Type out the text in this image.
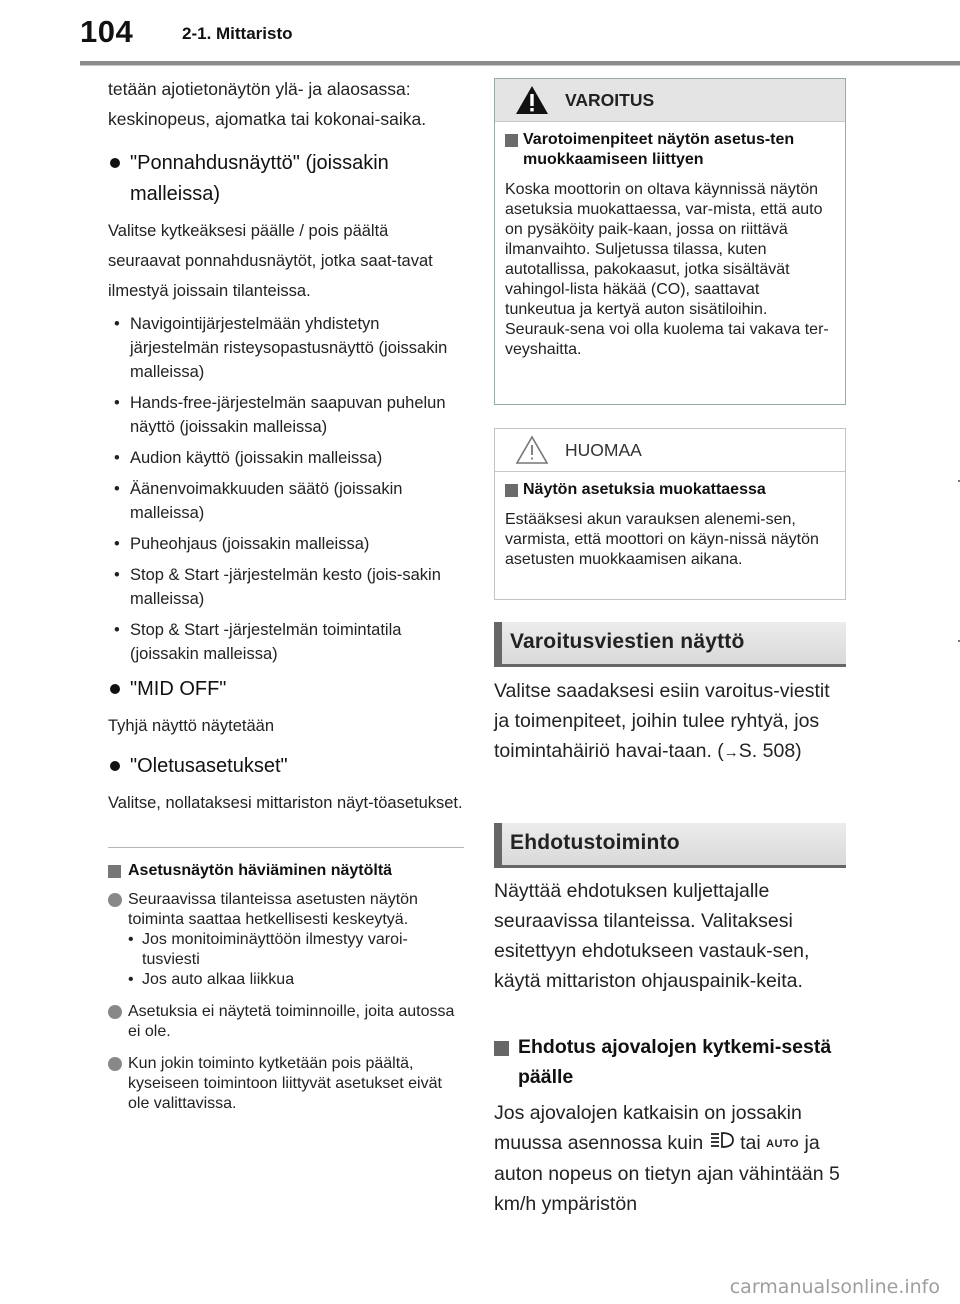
104	2-1. Mittaristo

tetään ajotietonäytön ylä- ja alaosassa: keskinopeus, ajomatka tai kokonai-saika.

"Ponnahdusnäyttö" (joissakin malleissa)

Valitse kytkeäksesi päälle / pois päältä seuraavat ponnahdusnäytöt, jotka saat-tavat ilmestyä joissain tilanteissa.

• Navigointijärjestelmään yhdistetyn järjestelmän risteysopastusnäyttö (joissakin malleissa)
• Hands-free-järjestelmän saapuvan puhelun näyttö (joissakin malleissa)
• Audion käyttö (joissakin malleissa)
• Äänenvoimakkuuden säätö (joissakin malleissa)
• Puheohjaus (joissakin malleissa)
• Stop & Start -järjestelmän kesto (jois-sakin malleissa)
• Stop & Start -järjestelmän toimintatila (joissakin malleissa)
"MID OFF"

Tyhjä näyttö näytetään

"Oletusasetukset"

Valitse, nollataksesi mittariston näyt-töasetukset.

Asetusnäytön häviäminen näytöltä
Seuraavissa tilanteissa asetusten näytön toiminta saattaa hetkellisesti keskeytyä.
• Jos monitoiminäyttöön ilmestyy varoi-tusviesti
• Jos auto alkaa liikkua
Asetuksia ei näytetä toiminnoille, joita autossa ei ole.
Kun jokin toiminto kytketään pois päältä, kyseiseen toimintoon liittyvät asetukset eivät ole valittavissa.
VAROITUS
Varotoimenpiteet näytön asetus-ten muokkaamiseen liittyen

Koska moottorin on oltava käynnissä näytön asetuksia muokattaessa, var-mista, että auto on pysäköity paik-kaan, jossa on riittävä ilmanvaihto. Suljetussa tilassa, kuten autotallissa, pakokaasut, jotka sisältävät vahingol-lista häkää (CO), saattavat tunkeutua ja kertyä auton sisätiloihin. Seurauk-sena voi olla kuolema tai vakava ter-veyshaitta.

HUOMAA
Näytön asetuksia muokattaessa

Estääksesi akun varauksen alenemi-sen, varmista, että moottori on käyn-nissä näytön asetusten muokkaamisen aikana.

Varoitusviestien näyttö

Valitse saadaksesi esiin varoitus-viestit ja toimenpiteet, joihin tulee ryhtyä, jos toimintahäiriö havai-taan. (→S. 508)

Ehdotustoiminto

Näyttää ehdotuksen kuljettajalle seuraavissa tilanteissa. Valitaksesi esitettyyn ehdotukseen vastauk-sen, käytä mittariston ohjauspainik-keita.

Ehdotus ajovalojen kytkemi-sestä päälle

Jos ajovalojen katkaisin on jossakin muussa asennossa kuin tai AUTO ja auton nopeus on tietyn ajan vähintään 5 km/h ympäristön

carmanualsonline.info
